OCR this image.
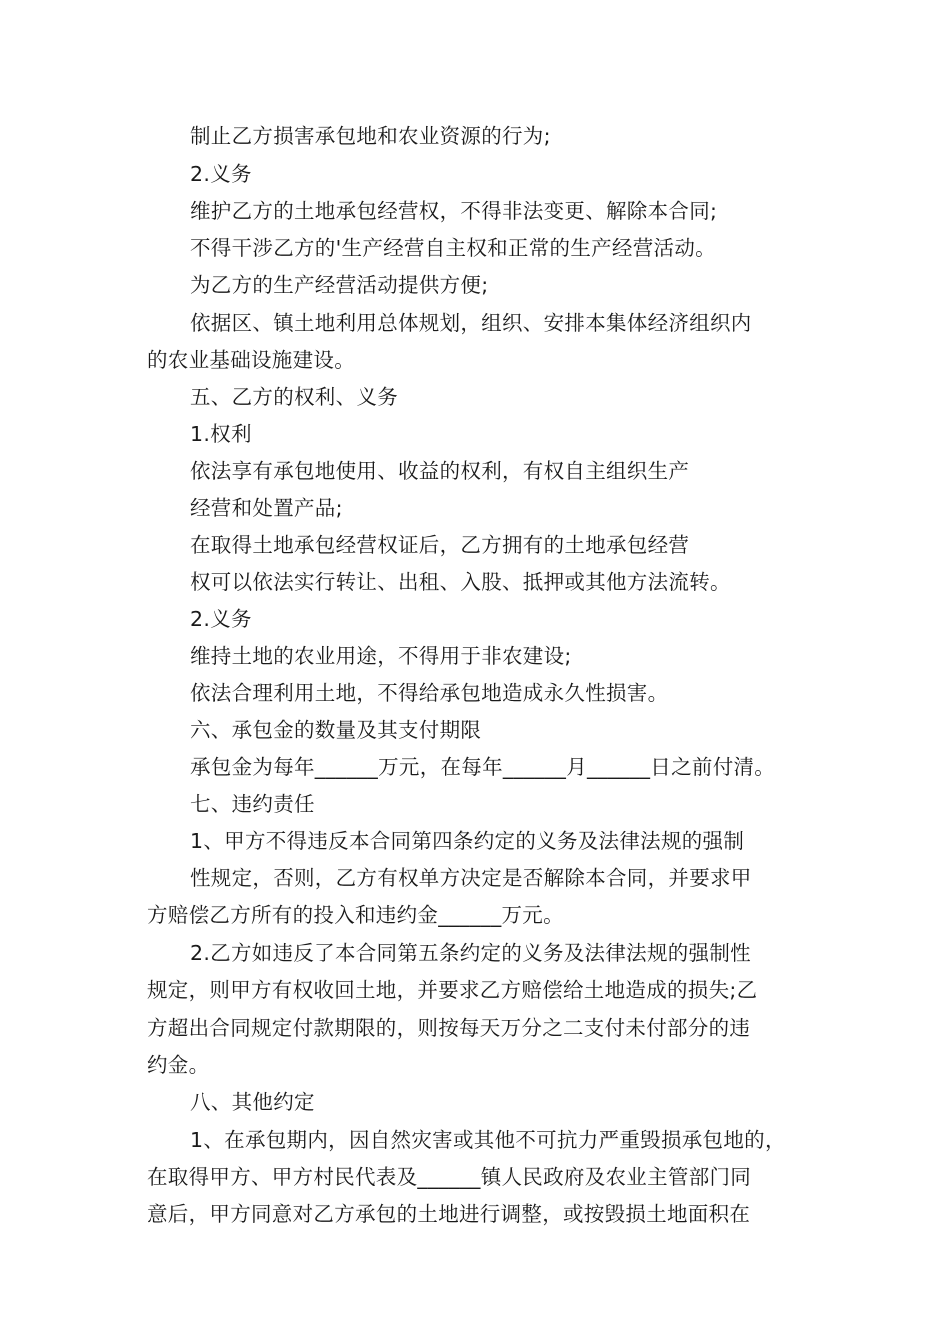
制止乙方损害承包地和农业资源的行为;
2.义务
维护乙方的土地承包经营权，不得非法变更、解除本合同;
不得干涉乙方的'生产经营自主权和正常的生产经营活动。
为乙方的生产经营活动提供方便;
依据区、镇土地利用总体规划，组织、安排本集体经济组织内
的农业基础设施建设。
五、乙方的权利、义务
1.权利
依法享有承包地使用、收益的权利，有权自主组织生产
经营和处置产品;
在取得土地承包经营权证后，乙方拥有的土地承包经营
权可以依法实行转让、出租、入股、抵押或其他方法流转。
2.义务
维持土地的农业用途，不得用于非农建设;
依法合理利用土地，不得给承包地造成永久性损害。
六、承包金的数量及其支付期限
承包金为每年______万元，在每年______月______日之前付清。
七、违约责任
1、甲方不得违反本合同第四条约定的义务及法律法规的强制
性规定，否则，乙方有权单方决定是否解除本合同，并要求甲
方赔偿乙方所有的投入和违约金______万元。
2.乙方如违反了本合同第五条约定的义务及法律法规的强制性
规定，则甲方有权收回土地，并要求乙方赔偿给土地造成的损失;乙
方超出合同规定付款期限的，则按每天万分之二支付未付部分的违
约金。
八、其他约定
1、在承包期内，因自然灾害或其他不可抗力严重毁损承包地的，
在取得甲方、甲方村民代表及______镇人民政府及农业主管部门同
意后，甲方同意对乙方承包的土地进行调整，或按毁损土地面积在
